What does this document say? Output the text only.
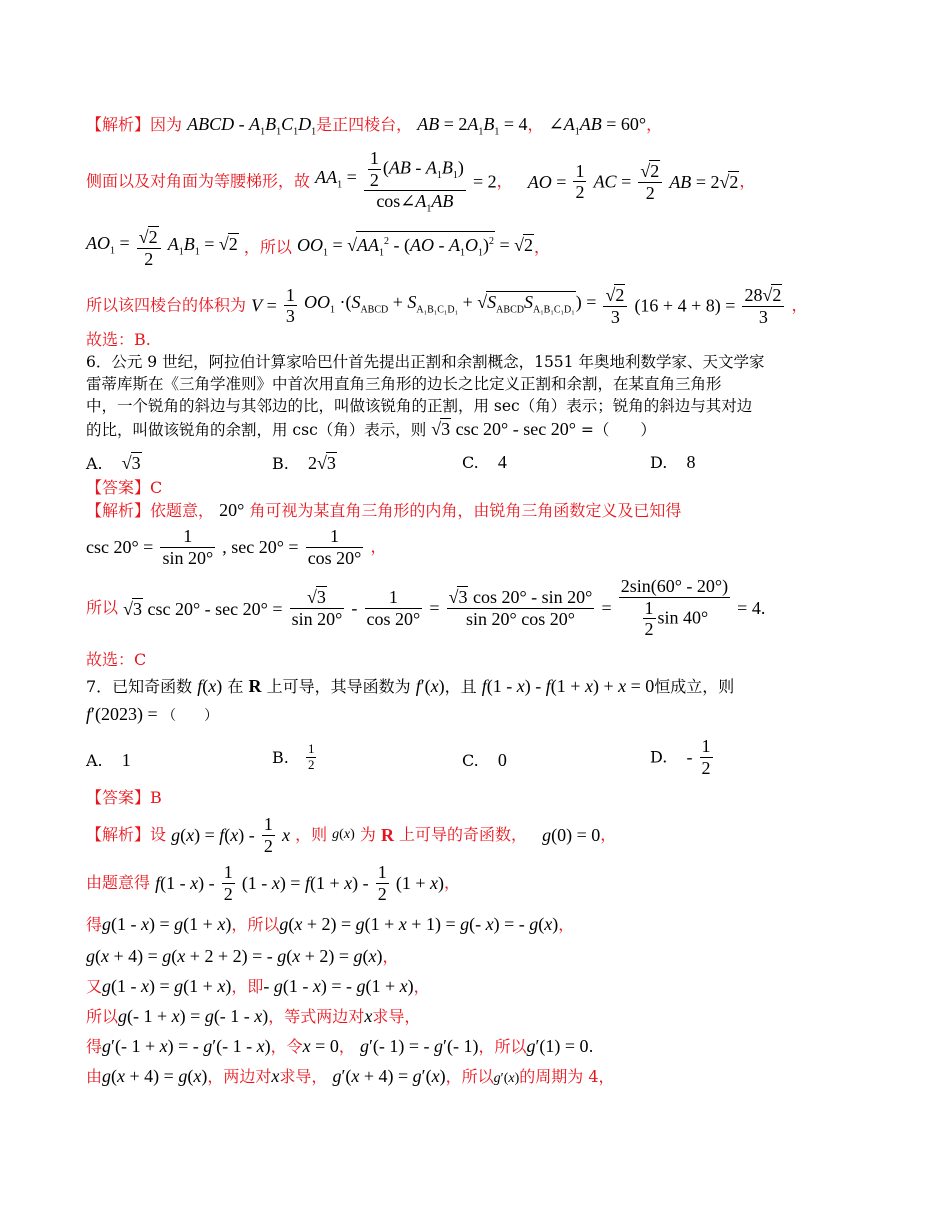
【解析】因为 ABCD - $A_1B_1C_1D_1$是正四棱台， AB = $2A_1B_1 = 4$， $\angle A_1AB = 60^\circ$，
侧面以及对角面为等腰梯形，故 $AA_1 = \frac{\frac{1}{2} (AB - A_1B_1)}{\cos\angle A_1AB} = 2$， AO = $\frac{1}{2}$ AC = $\frac{√2}{2}$ AB = 2√2，
$AO_1 = \frac{√2}{2} A_1B_1 = √2$ ，所以 $OO_1 = √AA_1^2 - (AO - A_1O_1)^2 = √2$，
所以该四棱台的体积为 $V = \frac{1}{3} OO_1 \cdot(S_{ABCD} + S_{A_1B_1C_1D_1} + √S_{ABCD}S_{A_1B_1C_1D_1}) = \frac{√2}{3} (16 + 4 + 8) = \frac{28√2}{3}$ ，
故选：B.
6．公元 9 世纪，阿拉伯计算家哈巴什首先提出正割和余割概念，1551 年奥地利数学家、天文学家
雷蒂库斯在《三角学准则》中首次用直角三角形的边长之比定义正割和余割，在某直角三角形
中，一个锐角的斜边与其邻边的比，叫做该锐角的正割，用 sec（角）表示；锐角的斜边与其对边
的比，叫做该锐角的余割，用 csc（角）表示，则 √3 csc 20° - sec 20° =（　　）
A. √3	B. 2√3	C. 4	D. 8
【答案】C
【解析】依题意， 20° 角可视为某直角三角形的内角，由锐角三角函数定义及已知得
$\csc 20^\circ = \frac{1}{\sin 20^\circ}$ , $\sec 20^\circ = \frac{1}{\cos 20^\circ}$ ，
所以 √3 $\csc 20^\circ - \sec 20^\circ = \frac{√3}{\sin 20^\circ} - \frac{1}{\cos 20^\circ} = \frac{√3 \cos 20^\circ - \sin 20^\circ}{\sin 20^\circ \cos 20^\circ} = \frac{2\sin(60^\circ - 20^\circ)}{\frac{1}{2} \sin 40^\circ} = 4$.
故选：C
7．已知奇函数 f(x) 在 R 上可导，其导函数为 f′(x)，且 f(1 - x) - f(1 + x) + x = 0恒成立，则
f′(2023) = （　　）
A. 1	B. $\frac{1}{2}$	C. 0	D. - $\frac{1}{2}$
【答案】B
【解析】设 $g(x) = f(x) - \frac{1}{2}$ x ，则 g(x) 为 R 上可导的奇函数， g(0) = 0，
由题意得 $f(1 - x) - \frac{1}{2} (1 - x) = f(1 + x) - \frac{1}{2} (1 + x)$，
得g(1 - x) = g(1 + x)，所以g(x + 2) = g(1 + x + 1) = g(- x) = - g(x)，
g(x + 4) = g(x + 2 + 2) = - g(x + 2) = g(x)，
又g(1 - x) = g(1 + x)，即- g(1 - x) = - g(1 + x)，
所以g(- 1 + x) = g(- 1 - x)，等式两边对x求导，
得g′(- 1 + x) = - g′(- 1 - x)，令x = 0， g′(- 1) = - g′(- 1)，所以g′(1) = 0.
由g(x + 4) = g(x)，两边对x求导， g′(x + 4) = g′(x)，所以g′(x)的周期为 4，
